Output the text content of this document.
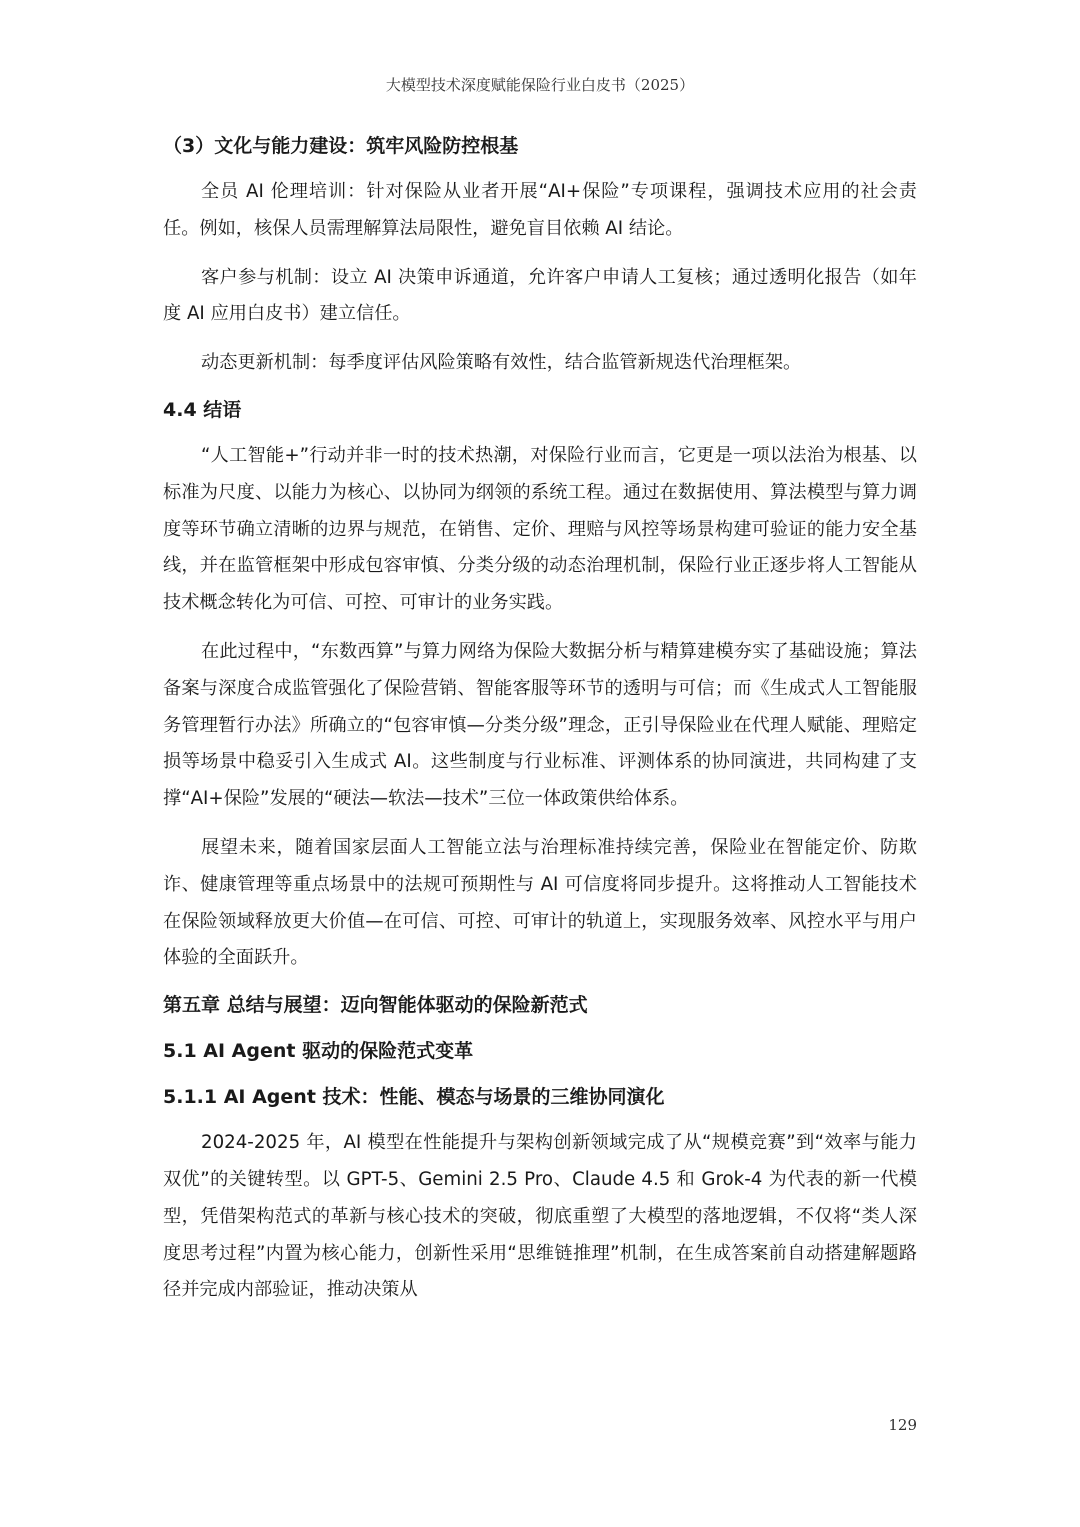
大模型技术深度赋能保险行业白皮书（2025）

（3）文化与能力建设：筑牢风险防控根基

全员 AI 伦理培训：针对保险从业者开展“AI+保险”专项课程，强调技术应用的社会责任。例如，核保人员需理解算法局限性，避免盲目依赖 AI 结论。

客户参与机制：设立 AI 决策申诉通道，允许客户申请人工复核；通过透明化报告（如年度 AI 应用白皮书）建立信任。

动态更新机制：每季度评估风险策略有效性，结合监管新规迭代治理框架。

4.4 结语

“人工智能+”行动并非一时的技术热潮，对保险行业而言，它更是一项以法治为根基、以标准为尺度、以能力为核心、以协同为纲领的系统工程。通过在数据使用、算法模型与算力调度等环节确立清晰的边界与规范，在销售、定价、理赔与风控等场景构建可验证的能力安全基线，并在监管框架中形成包容审慎、分类分级的动态治理机制，保险行业正逐步将人工智能从技术概念转化为可信、可控、可审计的业务实践。

在此过程中，“东数西算”与算力网络为保险大数据分析与精算建模夯实了基础设施；算法备案与深度合成监管强化了保险营销、智能客服等环节的透明与可信；而《生成式人工智能服务管理暂行办法》所确立的“包容审慎—分类分级”理念，正引导保险业在代理人赋能、理赔定损等场景中稳妥引入生成式 AI。这些制度与行业标准、评测体系的协同演进，共同构建了支撑“AI+保险”发展的“硬法—软法—技术”三位一体政策供给体系。

展望未来，随着国家层面人工智能立法与治理标准持续完善，保险业在智能定价、防欺诈、健康管理等重点场景中的法规可预期性与 AI 可信度将同步提升。这将推动人工智能技术在保险领域释放更大价值—在可信、可控、可审计的轨道上，实现服务效率、风控水平与用户体验的全面跃升。

第五章 总结与展望：迈向智能体驱动的保险新范式

5.1 AI Agent 驱动的保险范式变革

5.1.1 AI Agent 技术：性能、模态与场景的三维协同演化

2024-2025 年，AI 模型在性能提升与架构创新领域完成了从“规模竞赛”到“效率与能力双优”的关键转型。以 GPT-5、Gemini 2.5 Pro、Claude 4.5 和 Grok-4 为代表的新一代模型，凭借架构范式的革新与核心技术的突破，彻底重塑了大模型的落地逻辑，不仅将“类人深度思考过程”内置为核心能力，创新性采用“思维链推理”机制，在生成答案前自动搭建解题路径并完成内部验证，推动决策从

129
